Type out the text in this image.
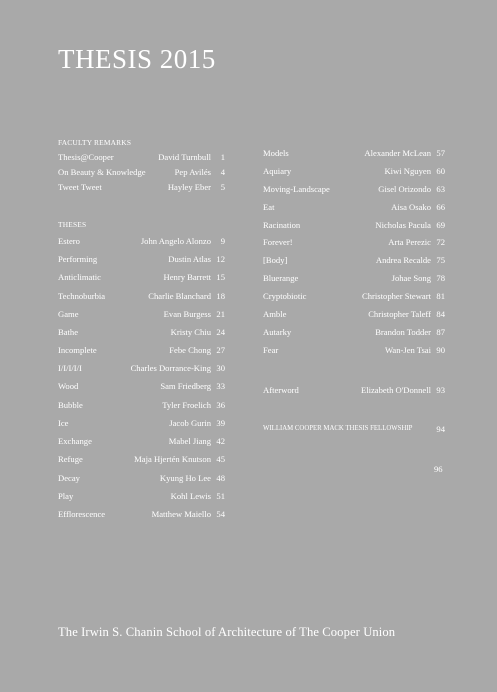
THESIS 2015
FACULTY REMARKS
Thesis@Cooper	David Turnbull	1
On Beauty & Knowledge	Pep Avilés	4
Tweet Tweet	Hayley Eber	5
THESES
Estero	John Angelo Alonzo	9
Performing	Dustin Atlas 12
Anticlimatic	Henry Barrett 15
Technoburbia	Charlie Blanchard 18
Game	Evan Burgess 21
Bathe	Kristy Chiu 24
Incomplete	Febe Chong 27
I/I/I/I/I	Charles Dorrance-King 30
Wood	Sam Friedberg 33
Bubble	Tyler Froelich 36
Ice	Jacob Gurin 39
Exchange	Mabel Jiang 42
Refuge	Maja Hjertén Knutson 45
Decay	Kyung Ho Lee 48
Play	Kohl Lewis 51
Efflorescence	Matthew Maiello 54
Models	Alexander McLean 57
Aquiary	Kiwi Nguyen 60
Moving-Landscape	Gisel Orizondo 63
Eat	Aisa Osako 66
Racination	Nicholas Pacula 69
Forever!	Arta Perezic 72
[Body]	Andrea Recalde 75
Bluerange	Johae Song 78
Cryptobiotic	Christopher Stewart 81
Amble	Christopher Taleff 84
Autarky	Brandon Todder 87
Fear	Wan-Jen Tsai 90
Afterword	Elizabeth O'Donnell 93
WILLIAM COOPER MACK THESIS FELLOWSHIP	94
96
The Irwin S. Chanin School of Architecture of The Cooper Union
